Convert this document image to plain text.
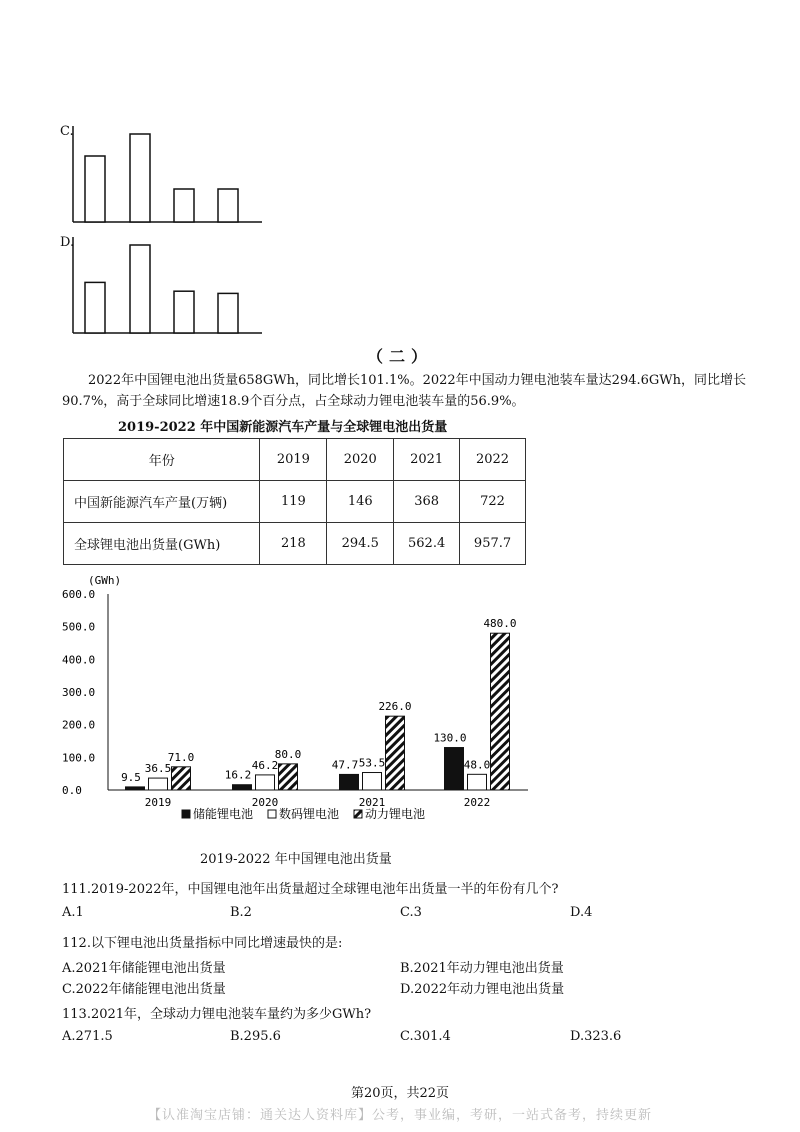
C.
D.
（二）
2022年中国锂电池出货量658GWh，同比增长101.1%。2022年中国动力锂电池装车量达294.6GWh，同比增长90.7%，高于全球同比增速18.9个百分点，占全球动力锂电池装车量的56.9%。
2019-2022 年中国新能源汽车产量与全球锂电池出货量
年份	2019	2020	2021	2022
中国新能源汽车产量(万辆)	119	146	368	722
全球锂电池出货量(GWh)	218	294.5	562.4	957.7
(GWh)
0.0
100.0
200.0
300.0
400.0
500.0
600.0
2019
9.5
36.5
71.0
2020
16.2
46.2
80.0
2021
47.7 53.5
226.0
2022
130.0
48.0
480.0
储能锂电池 数码锂电池 动力锂电池
2019-2022 年中国锂电池出货量
111.2019-2022年，中国锂电池年出货量超过全球锂电池年出货量一半的年份有几个?
A.1	B.2	C.3	D.4
112.以下锂电池出货量指标中同比增速最快的是:
A.2021年储能锂电池出货量	B.2021年动力锂电池出货量
C.2022年储能锂电池出货量	D.2022年动力锂电池出货量
113.2021年，全球动力锂电池装车量约为多少GWh?
A.271.5	B.295.6	C.301.4	D.323.6
第20页，共22页
【认准淘宝店铺：通关达人资料库】公考，事业编，考研，一站式备考，持续更新
